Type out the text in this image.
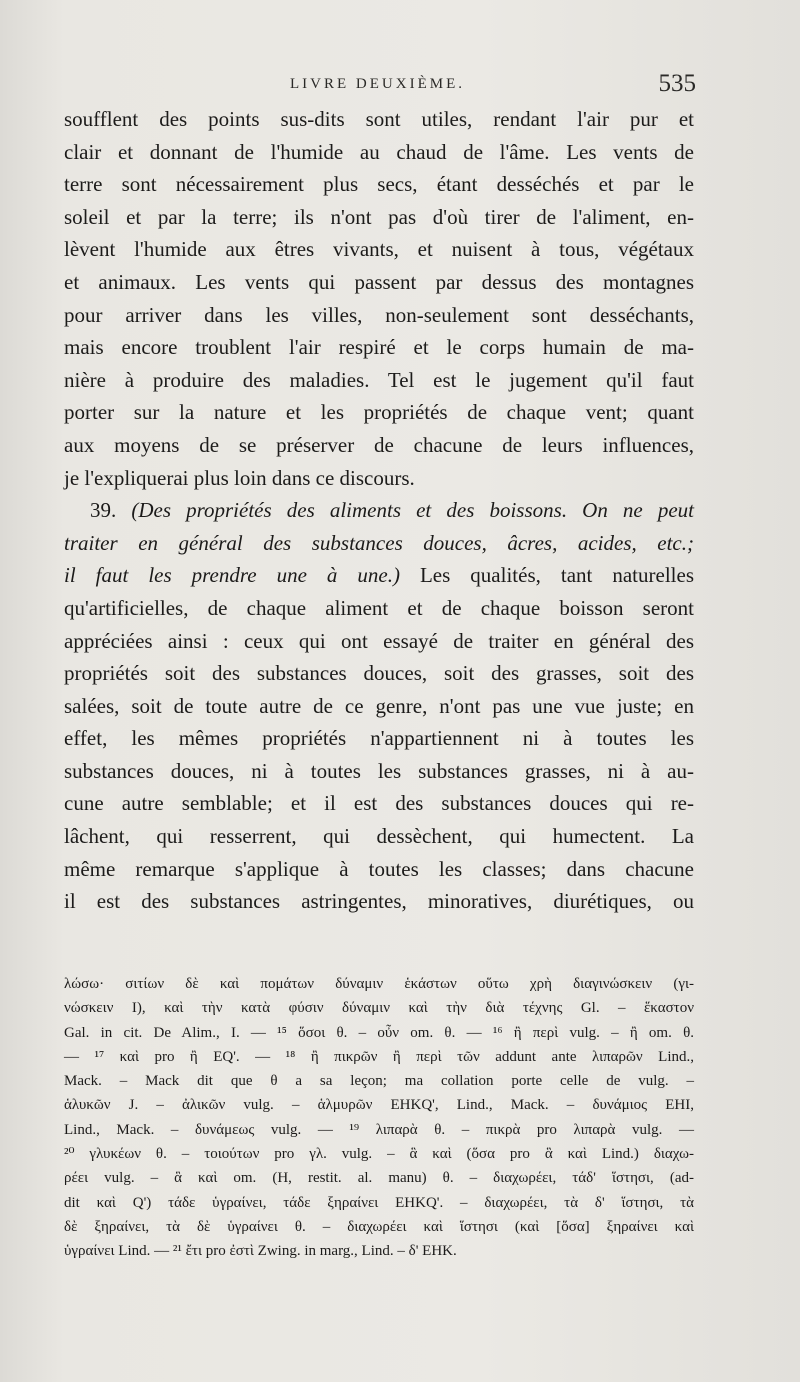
LIVRE DEUXIÈME.	535
soufflent des points sus-dits sont utiles, rendant l'air pur et
clair et donnant de l'humide au chaud de l'âme. Les vents de
terre sont nécessairement plus secs, étant desséchés et par le
soleil et par la terre; ils n'ont pas d'où tirer de l'aliment, en-
lèvent l'humide aux êtres vivants, et nuisent à tous, végétaux
et animaux. Les vents qui passent par dessus des montagnes
pour arriver dans les villes, non-seulement sont desséchants,
mais encore troublent l'air respiré et le corps humain de ma-
nière à produire des maladies. Tel est le jugement qu'il faut
porter sur la nature et les propriétés de chaque vent; quant
aux moyens de se préserver de chacune de leurs influences,
je l'expliquerai plus loin dans ce discours.
39. (Des propriétés des aliments et des boissons. On ne peut
traiter en général des substances douces, âcres, acides, etc.;
il faut les prendre une à une.) Les qualités, tant naturelles
qu'artificielles, de chaque aliment et de chaque boisson seront
appréciées ainsi : ceux qui ont essayé de traiter en général des
propriétés soit des substances douces, soit des grasses, soit des
salées, soit de toute autre de ce genre, n'ont pas une vue juste; en
effet, les mêmes propriétés n'appartiennent ni à toutes les
substances douces, ni à toutes les substances grasses, ni à au-
cune autre semblable; et il est des substances douces qui re-
lâchent, qui resserrent, qui dessèchent, qui humectent. La
même remarque s'applique à toutes les classes; dans chacune
il est des substances astringentes, minoratives, diurétiques, ou
λώσω· σιτίων δὲ καὶ πομάτων δύναμιν ἑκάστων οὕτω χρὴ διαγινώσκειν (γι-
νώσκειν I), καὶ τὴν κατὰ φύσιν δύναμιν καὶ τὴν διὰ τέχνης Gl. – ἕκαστον
Gal. in cit. De Alim., I. — ¹⁵ ὅσοι θ. – οὖν om. θ. — ¹⁶ ἢ περὶ vulg. – ἢ om. θ.
— ¹⁷ καὶ pro ἢ EQ'. — ¹⁸ ἢ πικρῶν ἢ περὶ τῶν addunt ante λιπαρῶν Lind.,
Mack. – Mack dit que θ a sa leçon; ma collation porte celle de vulg. –
ἁλυκῶν J. – ἀλικῶν vulg. – ἁλμυρῶν EHKQ', Lind., Mack. – δυνάμιος EHI,
Lind., Mack. – δυνάμεως vulg. — ¹⁹ λιπαρὰ θ. – πικρὰ pro λιπαρὰ vulg. —
²⁰ γλυκέων θ. – τοιούτων pro γλ. vulg. – ἃ καὶ (ὅσα pro ἃ καὶ Lind.) διαχω-
ρέει vulg. – ἃ καὶ om. (H, restit. al. manu) θ. – διαχωρέει, τάδ' ἵστησι, (ad-
dit καὶ Q') τάδε ὑγραίνει, τάδε ξηραίνει EHKQ'. – διαχωρέει, τὰ δ' ἵστησι, τὰ
δὲ ξηραίνει, τὰ δὲ ὑγραίνει θ. – διαχωρέει καὶ ἵστησι (καὶ [ὅσα] ξηραίνει καὶ
ὑγραίνει Lind. — ²¹ ἔτι pro ἐστὶ Zwing. in marg., Lind. – δ' EHK.
